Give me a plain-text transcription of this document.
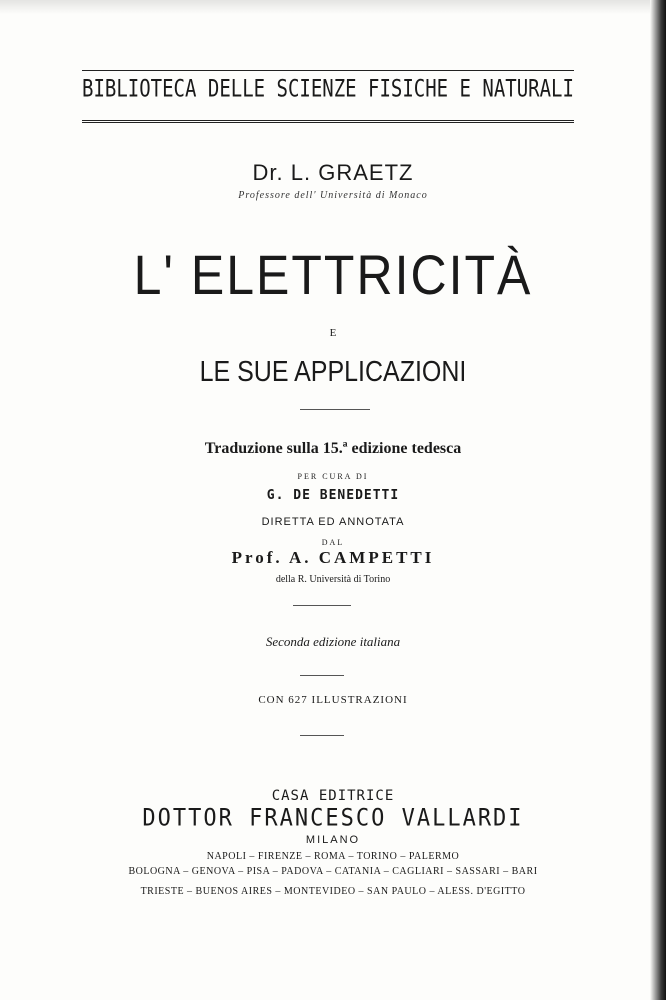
BIBLIOTECA DELLE SCIENZE FISICHE E NATURALI
Dr. L. GRAETZ
Professore dell' Università di Monaco
L' ELETTRICITÀ
E
LE SUE APPLICAZIONI
Traduzione sulla 15.ª edizione tedesca
PER CURA DI
G. DE BENEDETTI
DIRETTA ED ANNOTATA
DAL
Prof. A. CAMPETTI
della R. Università di Torino
Seconda edizione italiana
CON 627 ILLUSTRAZIONI
CASA EDITRICE
DOTTOR FRANCESCO VALLARDI
MILANO
NAPOLI – FIRENZE – ROMA – TORINO – PALERMO
BOLOGNA – GENOVA – PISA – PADOVA – CATANIA – CAGLIARI – SASSARI – BARI
TRIESTE – BUENOS AIRES – MONTEVIDEO – SAN PAULO – ALESS. D'EGITTO
